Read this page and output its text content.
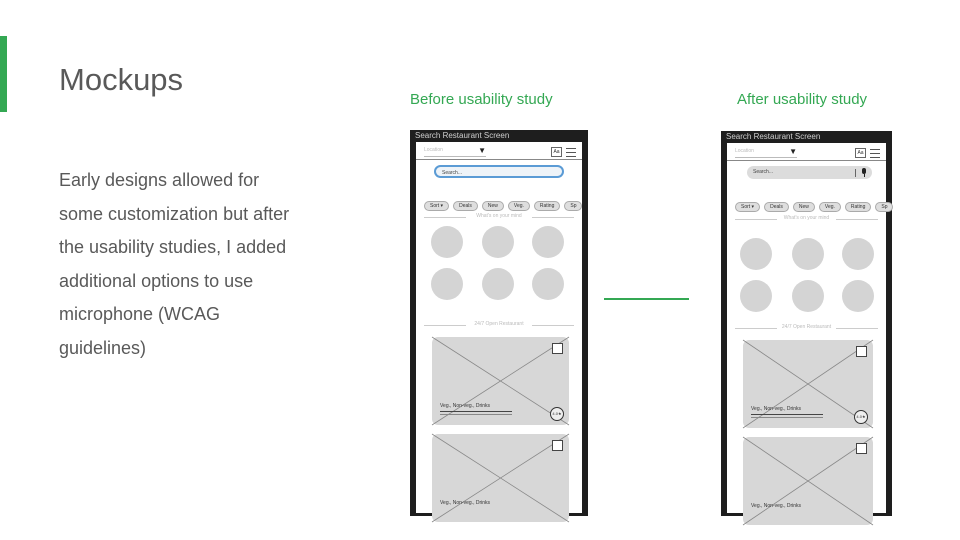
Mockups
Early designs allowed for some customization but after the usability studies, I added additional options to use microphone (WCAG guidelines)
Before usability study	After usability study
Search Restaurant Screen
Location	▼	Aa
Search...
Sort ▾	Deals	New	Veg.	Rating	Sp
What's on your mind
24/7 Open Restaurant
Veg., Non-veg., Drinks
4.0★
Veg., Non-veg., Drinks
Search Restaurant Screen
Location	▼	Aa
Search...
Sort ▾	Deals	New	Veg.	Rating	Sp
What's on your mind
24/7 Open Restaurant
Veg., Non-veg., Drinks
4.0★
Veg., Non-veg., Drinks
